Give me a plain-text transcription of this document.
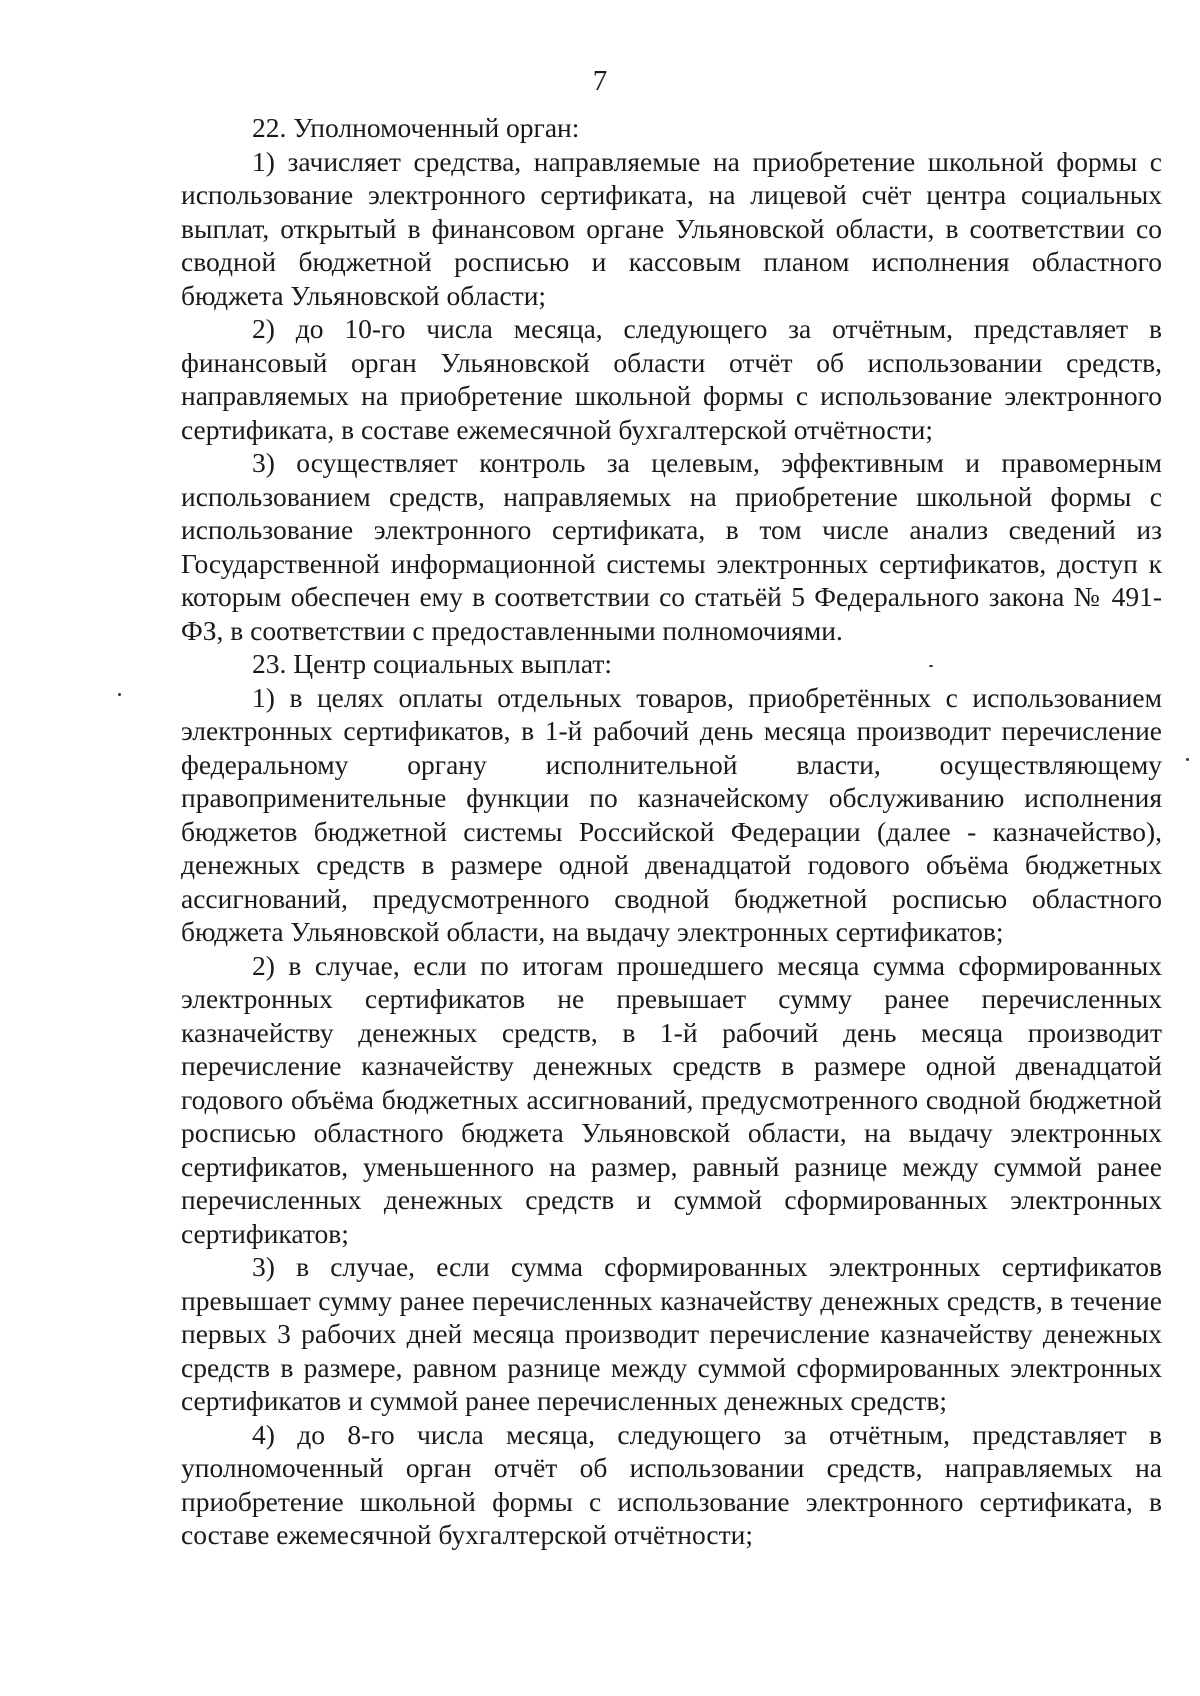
7

22. Уполномоченный орган:

1) зачисляет средства, направляемые на приобретение школьной формы с использование электронного сертификата, на лицевой счёт центра социальных выплат, открытый в финансовом органе Ульяновской области, в соответствии со сводной бюджетной росписью и кассовым планом исполнения областного бюджета Ульяновской области;

2) до 10-го числа месяца, следующего за отчётным, представляет в финансовый орган Ульяновской области отчёт об использовании средств, направляемых на приобретение школьной формы с использование электронного сертификата, в составе ежемесячной бухгалтерской отчётности;

3) осуществляет контроль за целевым, эффективным и правомерным использованием средств, направляемых на приобретение школьной формы с использование электронного сертификата, в том числе анализ сведений из Государственной информационной системы электронных сертификатов, доступ к которым обеспечен ему в соответствии со статьёй 5 Федерального закона № 491-ФЗ, в соответствии с предоставленными полномочиями.

23. Центр социальных выплат:

1) в целях оплаты отдельных товаров, приобретённых с использованием электронных сертификатов, в 1-й рабочий день месяца производит перечисление федеральному органу исполнительной власти, осуществляющему правоприменительные функции по казначейскому обслуживанию исполнения бюджетов бюджетной системы Российской Федерации (далее - казначейство), денежных средств в размере одной двенадцатой годового объёма бюджетных ассигнований, предусмотренного сводной бюджетной росписью областного бюджета Ульяновской области, на выдачу электронных сертификатов;

2) в случае, если по итогам прошедшего месяца сумма сформированных электронных сертификатов не превышает сумму ранее перечисленных казначейству денежных средств, в 1-й рабочий день месяца производит перечисление казначейству денежных средств в размере одной двенадцатой годового объёма бюджетных ассигнований, предусмотренного сводной бюджетной росписью областного бюджета Ульяновской области, на выдачу электронных сертификатов, уменьшенного на размер, равный разнице между суммой ранее перечисленных денежных средств и суммой сформированных электронных сертификатов;

3) в случае, если сумма сформированных электронных сертификатов превышает сумму ранее перечисленных казначейству денежных средств, в течение первых 3 рабочих дней месяца производит перечисление казначейству денежных средств в размере, равном разнице между суммой сформированных электронных сертификатов и суммой ранее перечисленных денежных средств;

4) до 8-го числа месяца, следующего за отчётным, представляет в уполномоченный орган отчёт об использовании средств, направляемых на приобретение школьной формы с использование электронного сертификата, в составе ежемесячной бухгалтерской отчётности;
